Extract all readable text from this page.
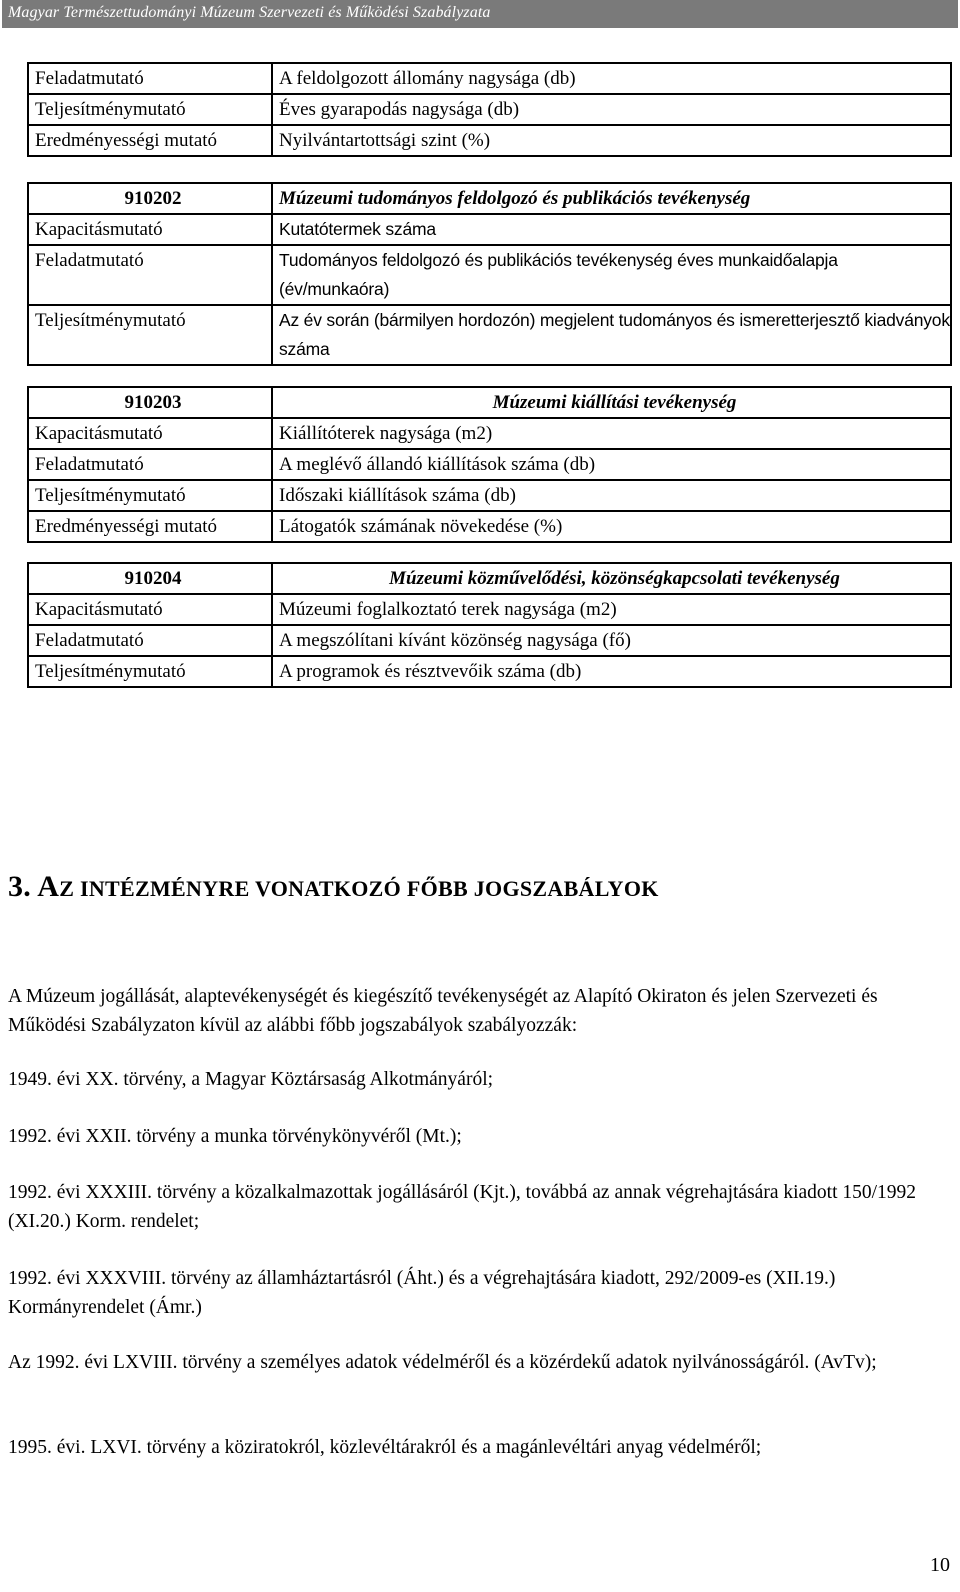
Magyar Természettudományi Múzeum Szervezeti és Működési Szabályzata
Feladatmutató	A feldolgozott állomány nagysága (db)
Teljesítménymutató	Éves gyarapodás nagysága (db)
Eredményességi mutató	Nyilvántartottsági szint (%)
910202	Múzeumi tudományos feldolgozó és publikációs tevékenység
Kapacitásmutató	Kutatótermek száma
Feladatmutató	Tudományos feldolgozó és publikációs tevékenység éves munkaidőalapja (év/munkaóra)
Teljesítménymutató	Az év során (bármilyen hordozón) megjelent tudományos és ismeretterjesztő kiadványok száma
910203	Múzeumi kiállítási tevékenység
Kapacitásmutató	Kiállítóterek nagysága (m2)
Feladatmutató	A meglévő állandó kiállítások száma (db)
Teljesítménymutató	Időszaki kiállítások száma (db)
Eredményességi mutató	Látogatók számának növekedése (%)
910204	Múzeumi közművelődési, közönségkapcsolati tevékenység
Kapacitásmutató	Múzeumi foglalkoztató terek nagysága (m2)
Feladatmutató	A megszólítani kívánt közönség nagysága (fő)
Teljesítménymutató	A programok és résztvevőik száma (db)
3. AZ INTÉZMÉNYRE VONATKOZÓ FŐBB JOGSZABÁLYOK
A Múzeum jogállását, alaptevékenységét és kiegészítő tevékenységét az Alapító Okiraton és jelen Szervezeti és Működési Szabályzaton kívül az alábbi főbb jogszabályok szabályozzák:
1949. évi XX. törvény, a Magyar Köztársaság Alkotmányáról;
1992. évi XXII. törvény a munka törvénykönyvéről (Mt.);
1992. évi XXXIII. törvény a közalkalmazottak jogállásáról (Kjt.), továbbá az annak végrehajtására kiadott 150/1992 (XI.20.) Korm. rendelet;
1992. évi XXXVIII. törvény az államháztartásról (Áht.) és a végrehajtására kiadott, 292/2009-es (XII.19.) Kormányrendelet (Ámr.)
Az 1992. évi LXVIII. törvény a személyes adatok védelméről és a közérdekű adatok nyilvánosságáról. (AvTv);
1995. évi. LXVI. törvény a köziratokról, közlevéltárakról és a magánlevéltári anyag védelméről;
10
